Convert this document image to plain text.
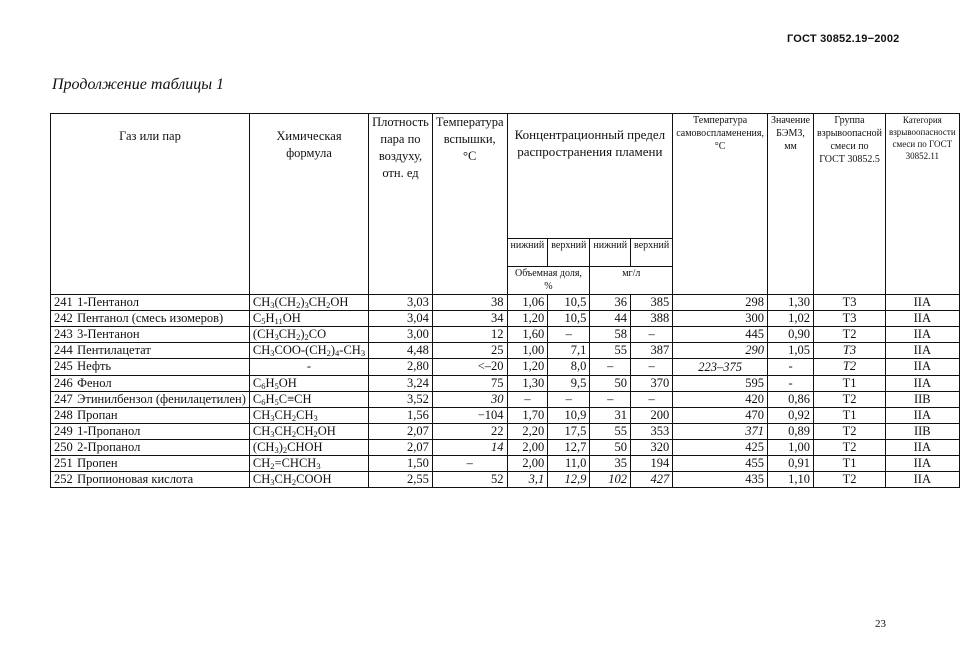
ГОСТ 30852.19−2002
Продолжение таблицы 1
Газ или пар	Химическая формула	Плотность пара по воздуху, отн. ед	Температура вспышки, °С	Концентрационный предел распространения пламени				Температура самовоспламенения, °С	Значение БЭМЗ, мм	Группа взрывоопасной смеси по ГОСТ 30852.5	Категория взрывоопасности смеси по ГОСТ 30852.11
				нижний	верхний	нижний	верхний				
				Объемная доля, %		мг/л					
241 1-Пентанол	$CH_3(CH_2)_3CH_2OH$	3,03	38	1,06	10,5	36	385	298	1,30	Т3	IIA
242 Пентанол (смесь изомеров)	$C_5H_{11}OH$	3,04	34	1,20	10,5	44	388	300	1,02	Т3	IIA
243 3-Пентанон	$(CH_3CH_2)_2CO$	3,00	12	1,60	–	58	–	445	0,90	Т2	IIA
244 Пентилацетат	$CH_3COO-(CH_2)_4-CH_3$	4,48	25	1,00	7,1	55	387	290	1,05	Т3	IIA
245 Нефть	-	2,80	<–20	1,20	8,0	–	–	223–375	-	Т2	IIA
246 Фенол	$C_6H_5OH$	3,24	75	1,30	9,5	50	370	595	-	Т1	IIA
247 Этинилбензол (фенилацетилен)	$C_6H_5C\equiv CH$	3,52	30	–	–	–	–	420	0,86	Т2	IIB
248 Пропан	$CH_3CH_2CH_3$	1,56	−104	1,70	10,9	31	200	470	0,92	Т1	IIA
249 1-Пропанол	$CH_3CH_2CH_2OH$	2,07	22	2,20	17,5	55	353	371	0,89	Т2	IIB
250 2-Пропанол	$(CH_3)_2CHOH$	2,07	14	2,00	12,7	50	320	425	1,00	Т2	IIA
251 Пропен	$CH_2=CHCH_3$	1,50	–	2,00	11,0	35	194	455	0,91	Т1	IIA
252 Пропионовая кислота	$CH_3CH_2COOH$	2,55	52	3,1	12,9	102	427	435	1,10	Т2	IIA
23
